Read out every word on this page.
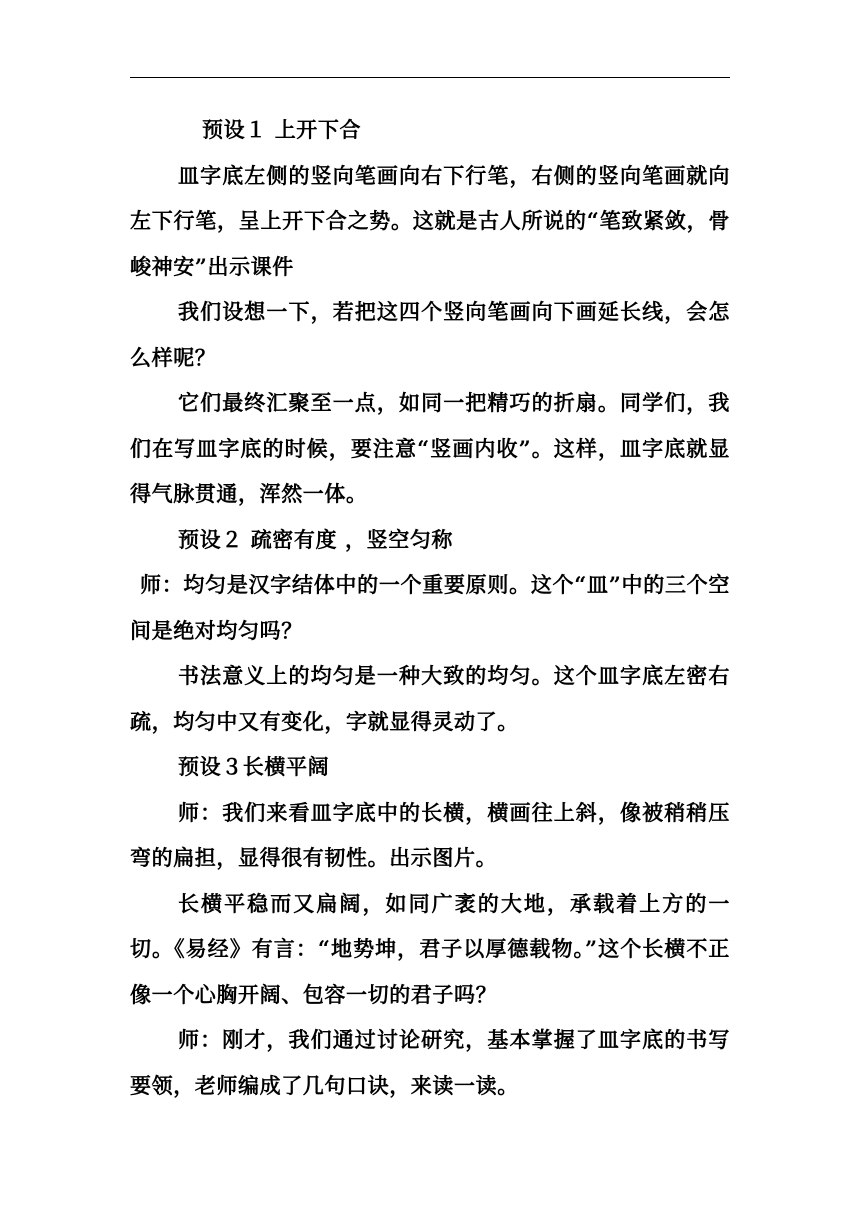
预设１ 上开下合

皿字底左侧的竖向笔画向右下行笔，右侧的竖向笔画就向左下行笔，呈上开下合之势。这就是古人所说的“笔致紧敛，骨峻神安”出示课件

我们设想一下，若把这四个竖向笔画向下画延长线，会怎么样呢？

它们最终汇聚至一点，如同一把精巧的折扇。同学们，我们在写皿字底的时候，要注意“竖画内收”。这样，皿字底就显得气脉贯通，浑然一体。

预设２ 疏密有度 ，竖空匀称

师：均匀是汉字结体中的一个重要原则。这个“皿”中的三个空间是绝对均匀吗？

书法意义上的均匀是一种大致的均匀。这个皿字底左密右疏，均匀中又有变化，字就显得灵动了。

预设３长横平阔

师：我们来看皿字底中的长横，横画往上斜，像被稍稍压弯的扁担，显得很有韧性。出示图片。

长横平稳而又扁阔，如同广袤的大地，承载着上方的一切。《易经》有言：“地势坤，君子以厚德载物。”这个长横不正像一个心胸开阔、包容一切的君子吗？

师：刚才，我们通过讨论研究，基本掌握了皿字底的书写要领，老师编成了几句口诀，来读一读。
